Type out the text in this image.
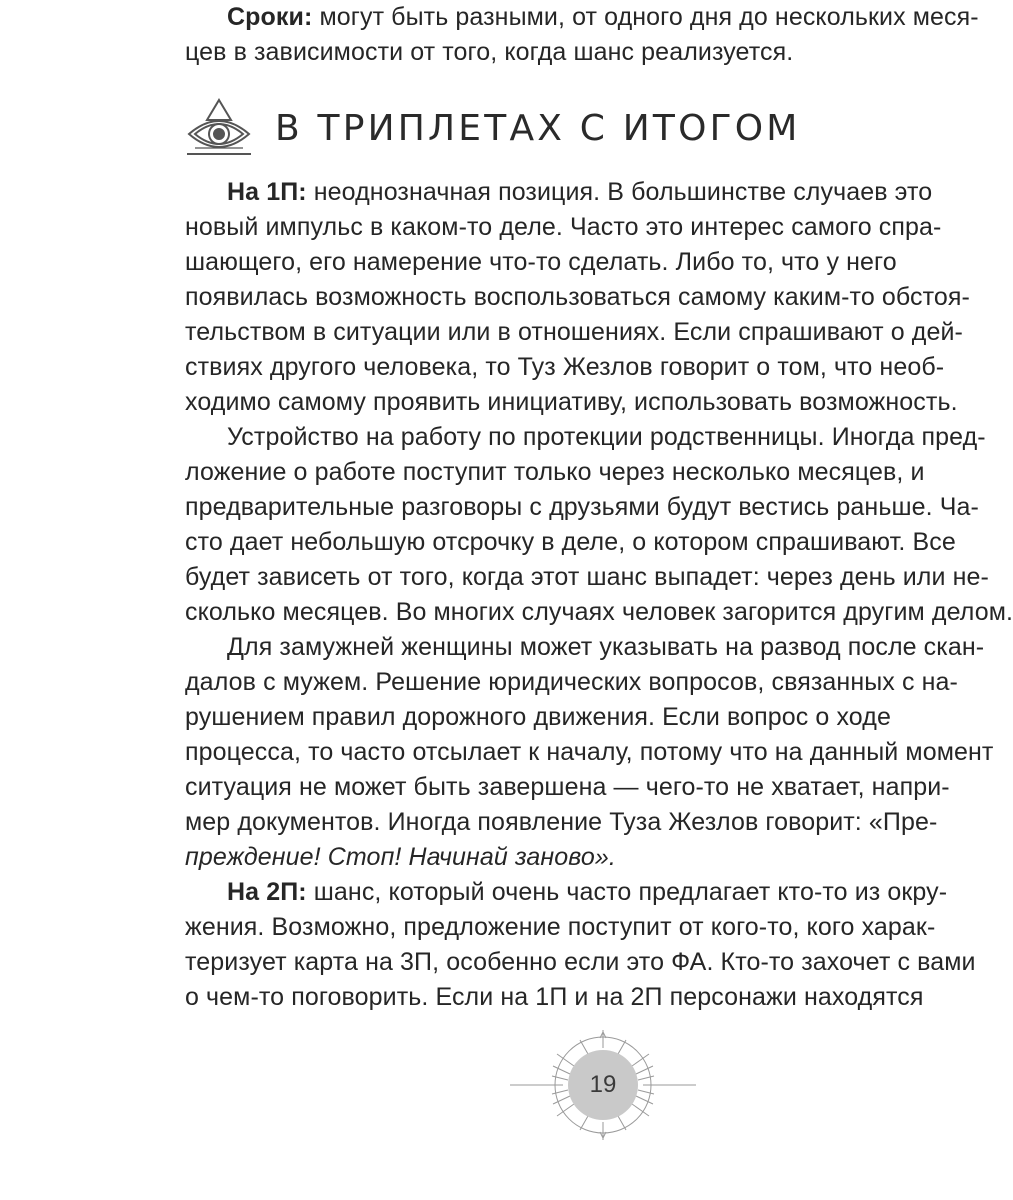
Сроки: могут быть разными, от одного дня до нескольких меся-
цев в зависимости от того, когда шанс реализуется.
В ТРИПЛЕТАХ С ИТОГОМ
На 1П: неоднозначная позиция. В большинстве случаев это
новый импульс в каком-то деле. Часто это интерес самого спра-
шающего, его намерение что-то сделать. Либо то, что у него
появилась возможность воспользоваться самому каким-то обстоя-
тельством в ситуации или в отношениях. Если спрашивают о дей-
ствиях другого человека, то Туз Жезлов говорит о том, что необ-
ходимо самому проявить инициативу, использовать возможность.
Устройство на работу по протекции родственницы. Иногда пред-
ложение о работе поступит только через несколько месяцев, и
предварительные разговоры с друзьями будут вестись раньше. Ча-
сто дает небольшую отсрочку в деле, о котором спрашивают. Все
будет зависеть от того, когда этот шанс выпадет: через день или не-
сколько месяцев. Во многих случаях человек загорится другим делом.
Для замужней женщины может указывать на развод после скан-
далов с мужем. Решение юридических вопросов, связанных с на-
рушением правил дорожного движения. Если вопрос о ходе
процесса, то часто отсылает к началу, потому что на данный момент
ситуация не может быть завершена — чего-то не хватает, напри-
мер документов. Иногда появление Туза Жезлов говорит: «Пре-
преждение! Стоп! Начинай заново».
На 2П: шанс, который очень часто предлагает кто-то из окру-
жения. Возможно, предложение поступит от кого-то, кого харак-
теризует карта на 3П, особенно если это ФА. Кто-то захочет с вами
о чем-то поговорить. Если на 1П и на 2П персонажи находятся
19
